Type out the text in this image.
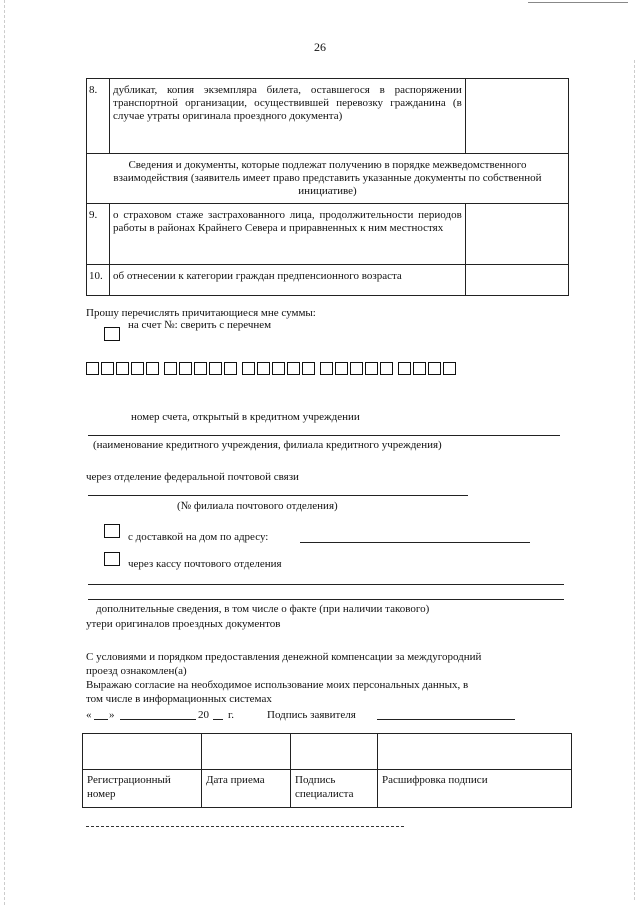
26
8.	дубликат, копия экземпляра билета, оставшегося в распоряжении транспортной организации, осуществившей перевозку гражданина (в случае утраты оригинала проездного документа)	
Сведения и документы, которые подлежат получению в порядке межведомственного взаимодействия (заявитель имеет право представить указанные документы по собственной инициативе)		
9.	о страховом стаже застрахованного лица, продолжительности периодов работы в районах Крайнего Севера и приравненных к ним местностях	
10.	об отнесении к категории граждан предпенсионного возраста	
Прошу перечислять причитающиеся мне суммы:
на счет №: сверить с перечнем
номер счета, открытый в кредитном учреждении
(наименование кредитного учреждения, филиала кредитного учреждения)
через отделение федеральной почтовой связи
(№ филиала почтового отделения)
с доставкой на дом по адресу:
через кассу почтового отделения
дополнительные сведения, в том числе о факте (при наличии такового)
утери оригиналов проездных документов
С условиями и порядком предоставления денежной компенсации за междугородний
проезд ознакомлен(а)
Выражаю согласие на необходимое использование моих персональных данных, в
том числе в информационных системах
« »	20 г.	Подпись заявителя

Регистрационный номер	Дата приема	Подпись специалиста	Расшифровка подписи
